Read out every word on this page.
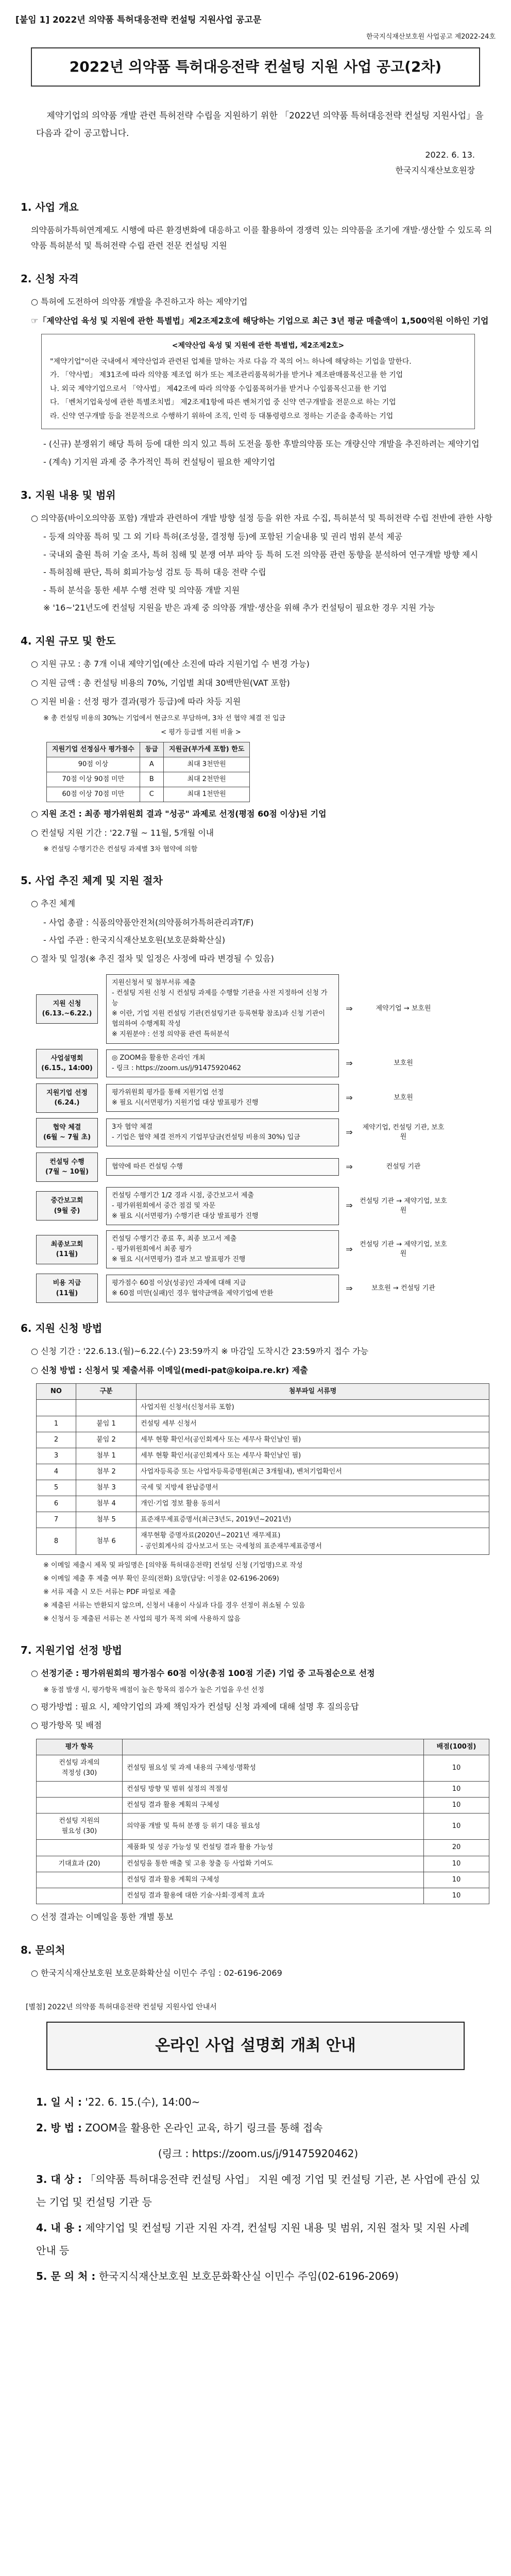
[붙임 1] 2022년 의약품 특허대응전략 컨설팅 지원사업 공고문
한국지식재산보호원 사업공고 제2022-24호
2022년 의약품 특허대응전략 컨설팅 지원 사업 공고(2차)
제약기업의 의약품 개발 관련 특허전략 수립을 지원하기 위한 「2022년 의약품 특허대응전략 컨설팅 지원사업」을 다음과 같이 공고합니다.
2022. 6. 13.
한국지식재산보호원장
1. 사업 개요
의약품허가특허연계제도 시행에 따른 환경변화에 대응하고 이를 활용하여 경쟁력 있는 의약품을 조기에 개발·생산할 수 있도록 의약품 특허분석 및 특허전략 수립 관련 전문 컨설팅 지원
2. 신청 자격
○ 특허에 도전하여 의약품 개발을 추진하고자 하는 제약기업
☞「제약산업 육성 및 지원에 관한 특별법」제2조제2호에 해당하는 기업으로 최근 3년 평균 매출액이 1,500억원 이하인 기업
<제약산업 육성 및 지원에 관한 특별법, 제2조제2호>
"제약기업"이란 국내에서 제약산업과 관련된 업체를 말하는 자로 다음 각 목의 어느 하나에 해당하는 기업을 말한다.
가. 「약사법」 제31조에 따라 의약품 제조업 허가 또는 제조관리품목허가를 받거나 제조판매품목신고를 한 기업
나. 외국 제약기업으로서 「약사법」 제42조에 따라 의약품 수입품목허가를 받거나 수입품목신고를 한 기업
다. 「벤처기업육성에 관한 특별조치법」 제2조제1항에 따른 벤처기업 중 신약 연구개발을 전문으로 하는 기업
라. 신약 연구개발 등을 전문적으로 수행하기 위하여 조직, 인력 등 대통령령으로 정하는 기준을 충족하는 기업
- (신규) 분쟁위기 해당 특허 등에 대한 의지 있고 특허 도전을 통한 후발의약품 또는 개량신약 개발을 추진하려는 제약기업
- (계속) 기지원 과제 중 추가적인 특허 컨설팅이 필요한 제약기업
3. 지원 내용 및 범위
○ 의약품(바이오의약품 포함) 개발과 관련하여 개발 방향 설정 등을 위한 자료 수집, 특허분석 및 특허전략 수립 전반에 관한 사항
- 등재 의약품 특허 및 그 외 기타 특허(조성물, 결정형 등)에 포함된 기술내용 및 권리 범위 분석 제공
- 국내외 출원 특허 기술 조사, 특허 침해 및 분쟁 여부 파악 등 특허 도전 의약품 관련 동향을 분석하여 연구개발 방향 제시
- 특허침해 판단, 특허 회피가능성 검토 등 특허 대응 전략 수립
- 특허 분석을 통한 세부 수행 전략 및 의약품 개발 지원
※ '16~'21년도에 컨설팅 지원을 받은 과제 중 의약품 개발·생산을 위해 추가 컨설팅이 필요한 경우 지원 가능
4. 지원 규모 및 한도
○ 지원 규모 : 총 7개 이내 제약기업(예산 소진에 따라 지원기업 수 변경 가능)
○ 지원 금액 : 총 컨설팅 비용의 70%, 기업별 최대 30백만원(VAT 포함)
○ 지원 비율 : 선정 평가 결과(평가 등급)에 따라 차등 지원
※ 총 컨설팅 비용의 30%는 기업에서 현금으로 부담하며, 3차 선 협약 체결 전 입금
< 평가 등급별 지원 비율 >
지원기업 선정심사 평가점수	등급	지원금(부가세 포함) 한도
90점 이상	A	최대 3천만원
70점 이상 90점 미만	B	최대 2천만원
60점 이상 70점 미만	C	최대 1천만원
○ 지원 조건 : 최종 평가위원회 결과 "성공" 과제로 선정(평점 60점 이상)된 기업
○ 컨설팅 지원 기간 : '22.7월 ~ 11월, 5개월 이내
※ 컨설팅 수행기간은 컨설팅 과제별 3차 협약에 의함
5. 사업 추진 체계 및 지원 절차
○ 추진 체계
- 사업 총괄 : 식품의약품안전처(의약품허가특허관리과T/F)
- 사업 주관 : 한국지식재산보호원(보호문화확산실)
○ 절차 및 일정(※ 추진 절차 및 일정은 사정에 따라 변경될 수 있음)
지원 신청
(6.13.~6.22.)
지원신청서 및 첨부서류 제출
- 컨설팅 지원 신청 시 컨설팅 과제를 수행할 기관을 사전 지정하여 신청 가능
※ 이란, 기업 지원 컨설팅 기관(컨설팅기관 등록현황 참조)과 신청 기관이 협의하여 수행계획 작성
※ 지원분야 : 선정 의약품 관련 특허분석
⇒	제약기업 → 보호원
사업설명회
(6.15., 14:00)
◎ ZOOM을 활용한 온라인 개최
- 링크 : https://zoom.us/j/91475920462
⇒	보호원
지원기업 선정
(6.24.)
평가위원회 평가를 통해 지원기업 선정
※ 필요 시(서면평가) 지원기업 대상 발표평가 진행
⇒	보호원
협약 체결
(6월 ~ 7월 초)
3자 협약 체결
- 기업은 협약 체결 전까지 기업부담금(컨설팅 비용의 30%) 입금
⇒	제약기업, 컨설팅 기관, 보호원
컨설팅 수행
(7월 ~ 10월)
협약에 따른 컨설팅 수행	⇒	컨설팅 기관
중간보고회
(9월 중)
컨설팅 수행기간 1/2 경과 시점, 중간보고서 제출
- 평가위원회에서 중간 점검 및 자문
※ 필요 시(서면평가) 수행기관 대상 발표평가 진행
⇒	컨설팅 기관 → 제약기업, 보호원
최종보고회
(11월)
컨설팅 수행기간 종료 후, 최종 보고서 제출
- 평가위원회에서 최종 평가
※ 필요 시(서면평가) 결과 보고 발표평가 진행
⇒	컨설팅 기관 → 제약기업, 보호원
비용 지급
(11월)
평가점수 60점 이상(성공)인 과제에 대해 지급
※ 60점 미만(실패)인 경우 협약금액을 제약기업에 반환
⇒	보호원 → 컨설팅 기관
6. 지원 신청 방법
○ 신청 기간 : '22.6.13.(월)~6.22.(수) 23:59까지 ※ 마감일 도착시간 23:59까지 접수 가능
○ 신청 방법 : 신청서 및 제출서류 이메일(medi-pat@koipa.re.kr) 제출
NO	구분	첨부파일 서류명
		사업지원 신청서(신청서류 포함)
1	붙임 1	컨설팅 세부 신청서
2	붙임 2	세부 현황 확인서(공인회계사 또는 세무사 확인날인 필)
3	첨부 1	세부 현황 확인서(공인회계사 또는 세무사 확인날인 필)
4	첨부 2	사업자등록증 또는 사업자등록증명원(최근 3개월내), 벤처기업확인서
5	첨부 3	국세 및 지방세 완납증명서
6	첨부 4	개인·기업 정보 활용 동의서
7	첨부 5	표준재무제표증명서(최근3년도, 2019년~2021년)
8	첨부 6	재무현황 증명자료(2020년~2021년 재무제표)
- 공인회계사의 감사보고서 또는 국세청의 표준재무제표증명서
※ 이메일 제출시 제목 및 파일명은 [의약품 특허대응전략] 컨설팅 신청 (기업명)으로 작성
※ 이메일 제출 후 제출 여부 확인 문의(전화) 요망(담당: 이정윤 02-6196-2069)
※ 서류 제출 시 모든 서류는 PDF 파일로 제출
※ 제출된 서류는 반환되지 않으며, 신청서 내용이 사실과 다를 경우 선정이 취소될 수 있음
※ 신청서 등 제출된 서류는 본 사업의 평가 목적 외에 사용하지 않음
7. 지원기업 선정 방법
○ 선정기준 : 평가위원회의 평가점수 60점 이상(총점 100점 기준) 기업 중 고득점순으로 선정
※ 동점 발생 시, 평가항목 배점이 높은 항목의 점수가 높은 기업을 우선 선정
○ 평가방법 : 필요 시, 제약기업의 과제 책임자가 컨설팅 신청 과제에 대해 설명 후 질의응답
○ 평가항목 및 배점
평가 항목		배점(100점)
컨설팅 과제의
적정성 (30)	컨설팅 필요성 및 과제 내용의 구체성·명확성	10
	컨설팅 방향 및 범위 설정의 적절성	10
	컨설팅 결과 활용 계획의 구체성	10
컨설팅 지원의
필요성 (30)	의약품 개발 및 특허 분쟁 등 위기 대응 필요성	10
	제품화 및 성공 가능성 및 컨설팅 결과 활용 가능성	20
기대효과 (20)	컨설팅을 통한 매출 및 고용 창출 등 사업화 기여도	10
	컨설팅 결과 활용 계획의 구체성	10
	컨설팅 결과 활용에 대한 기술·사회·경제적 효과	10
○ 선정 결과는 이메일을 통한 개별 통보
8. 문의처
○ 한국지식재산보호원 보호문화확산실 이민수 주임 : 02-6196-2069
[별첨] 2022년 의약품 특허대응전략 컨설팅 지원사업 안내서
온라인 사업 설명회 개최 안내
1. 일 시 : '22. 6. 15.(수), 14:00~
2. 방 법 : ZOOM을 활용한 온라인 교육, 하기 링크를 통해 접속
(링크 : https://zoom.us/j/91475920462)
3. 대 상 : 「의약품 특허대응전략 컨설팅 사업」 지원 예정 기업 및 컨설팅 기관, 본 사업에 관심 있는 기업 및 컨설팅 기관 등
4. 내 용 : 제약기업 및 컨설팅 기관 지원 자격, 컨설팅 지원 내용 및 범위, 지원 절차 및 지원 사례 안내 등
5. 문 의 처 : 한국지식재산보호원 보호문화확산실 이민수 주임(02-6196-2069)
